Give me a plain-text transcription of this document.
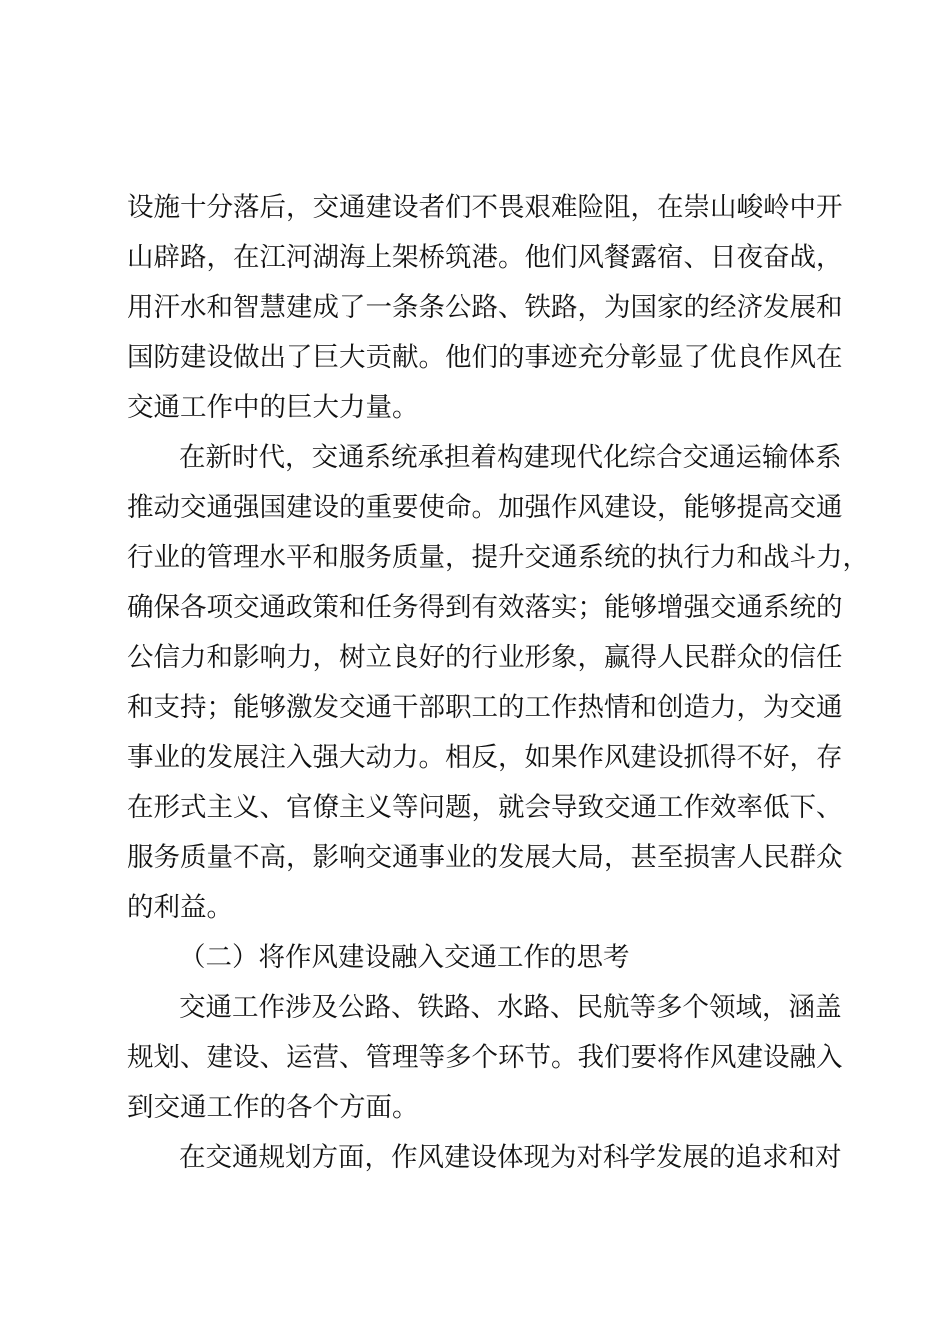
设施十分落后，交通建设者们不畏艰难险阻，在崇山峻岭中开
山辟路，在江河湖海上架桥筑港。他们风餐露宿、日夜奋战，
用汗水和智慧建成了一条条公路、铁路，为国家的经济发展和
国防建设做出了巨大贡献。他们的事迹充分彰显了优良作风在
交通工作中的巨大力量。
在新时代，交通系统承担着构建现代化综合交通运输体系
推动交通强国建设的重要使命。加强作风建设，能够提高交通
行业的管理水平和服务质量，提升交通系统的执行力和战斗力，
确保各项交通政策和任务得到有效落实；能够增强交通系统的
公信力和影响力，树立良好的行业形象，赢得人民群众的信任
和支持；能够激发交通干部职工的工作热情和创造力，为交通
事业的发展注入强大动力。相反，如果作风建设抓得不好，存
在形式主义、官僚主义等问题，就会导致交通工作效率低下、
服务质量不高，影响交通事业的发展大局，甚至损害人民群众
的利益。
（二）将作风建设融入交通工作的思考
交通工作涉及公路、铁路、水路、民航等多个领域，涵盖
规划、建设、运营、管理等多个环节。我们要将作风建设融入
到交通工作的各个方面。
在交通规划方面，作风建设体现为对科学发展的追求和对
